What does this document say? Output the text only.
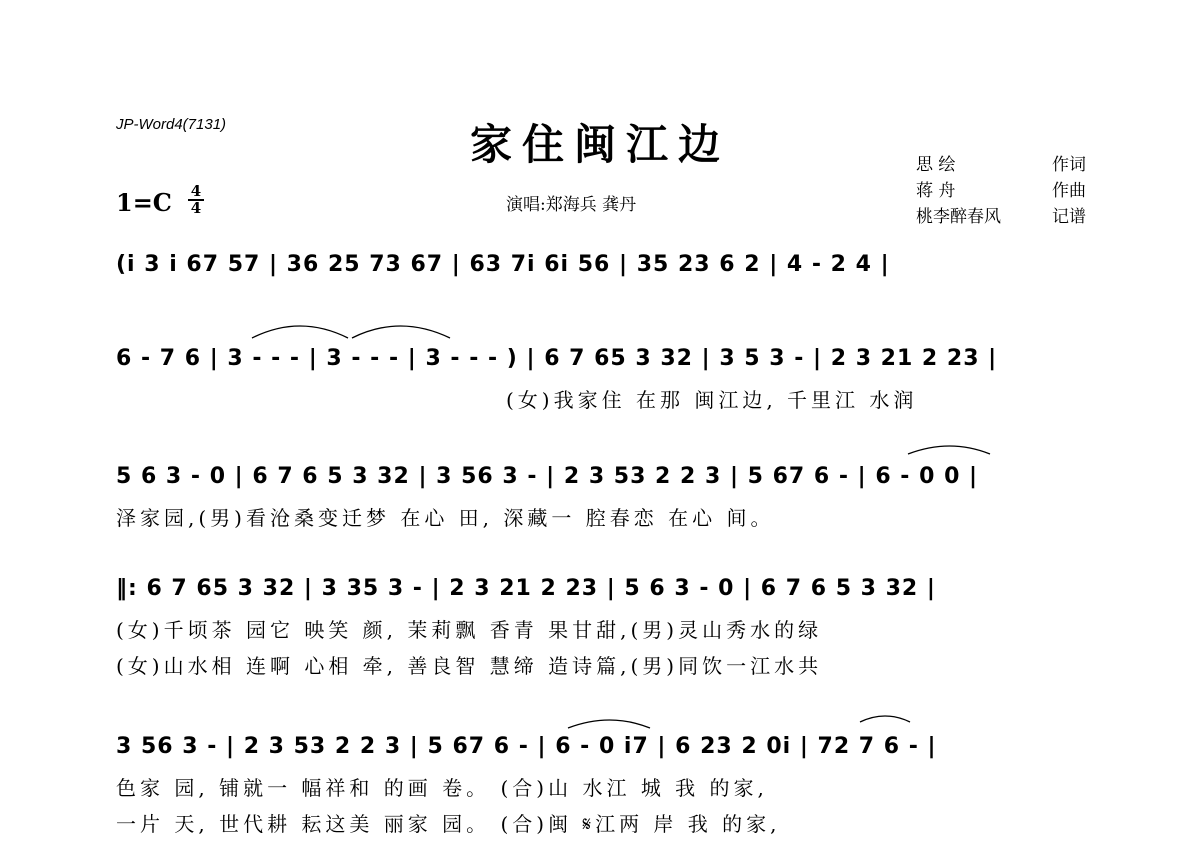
JP-Word4(7131)	家住闽江边
演唱:郑海兵 龚丹
思 绘	作词
蒋 舟	作曲
桃李醉春风	记谱
1=C 4
4
(i 3 i 67 57 | 36 25 73 67 | 63 7i 6i 56 | 35 23 6 2 | 4 - 2 4 |
6 - 7 6 | 3 - - - | 3 - - - | 3 - - - ) | 6 7 65 3 32 | 3 5 3 - | 2 3 21 2 23 |
(女)我家住 在那 闽江边, 千里江 水润
5 6 3 - 0 | 6 7 6 5 3 32 | 3 56 3 - | 2 3 53 2 2 3 | 5 67 6 - | 6 - 0 0 |
泽家园,(男)看沧桑变迁梦 在心 田, 深藏一 腔春恋 在心 间。
‖: 6 7 65 3 32 | 3 35 3 - | 2 3 21 2 23 | 5 6 3 - 0 | 6 7 6 5 3 32 |
(女)千顷茶 园它 映笑 颜, 茉莉飘 香青 果甘甜,(男)灵山秀水的绿
(女)山水相 连啊 心相 牵, 善良智 慧缔 造诗篇,(男)同饮一江水共
3 56 3 - | 2 3 53 2 2 3 | 5 67 6 - | 6 - 0 i7 | 6 23 2 0i | 72 7 6 - |
色家 园, 铺就一 幅祥和 的画 卷。 (合)山 水江 城 我 的家,
一片 天, 世代耕 耘这美 丽家 园。 (合)闽 𝄋江两 岸 我 的家,
